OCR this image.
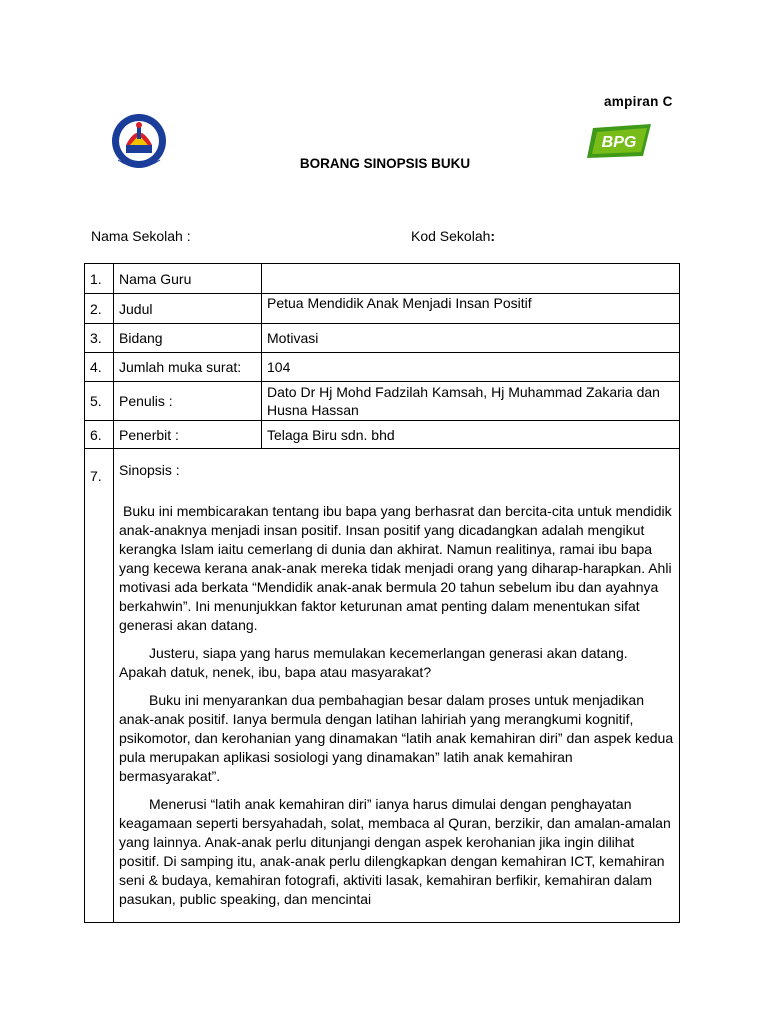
ampiran C
BPG
BORANG SINOPSIS BUKU
Nama Sekolah :	Kod Sekolah:
1.	Nama Guru	
2.	Judul	Petua Mendidik Anak Menjadi Insan Positif
3.	Bidang	Motivasi
4.	Jumlah muka surat:	104
5.	Penulis :	Dato Dr Hj Mohd Fadzilah Kamsah, Hj Muhammad Zakaria dan Husna Hassan
6.	Penerbit :	Telaga Biru sdn. bhd
7.	Sinopsis :

Buku ini membicarakan tentang ibu bapa yang berhasrat dan bercita-cita untuk mendidik anak-anaknya menjadi insan positif. Insan positif yang dicadangkan adalah mengikut kerangka Islam iaitu cemerlang di dunia dan akhirat. Namun realitinya, ramai ibu bapa yang kecewa kerana anak-anak mereka tidak menjadi orang yang diharap-harapkan. Ahli motivasi ada berkata “Mendidik anak-anak bermula 20 tahun sebelum ibu dan ayahnya berkahwin”. Ini menunjukkan faktor keturunan amat penting dalam menentukan sifat generasi akan datang.

Justeru, siapa yang harus memulakan kecemerlangan generasi akan datang. Apakah datuk, nenek, ibu, bapa atau masyarakat?

Buku ini menyarankan dua pembahagian besar dalam proses untuk menjadikan anak-anak positif. Ianya bermula dengan latihan lahiriah yang merangkumi kognitif, psikomotor, dan kerohanian yang dinamakan “latih anak kemahiran diri” dan aspek kedua pula merupakan aplikasi sosiologi yang dinamakan” latih anak kemahiran bermasyarakat”.

Menerusi “latih anak kemahiran diri” ianya harus dimulai dengan penghayatan keagamaan seperti bersyahadah, solat, membaca al Quran, berzikir, dan amalan-amalan yang lainnya. Anak-anak perlu ditunjangi dengan aspek kerohanian jika ingin dilihat positif. Di samping itu, anak-anak perlu dilengkapkan dengan kemahiran ICT, kemahiran seni & budaya, kemahiran fotografi, aktiviti lasak, kemahiran berfikir, kemahiran dalam pasukan, public speaking, dan mencintai	
